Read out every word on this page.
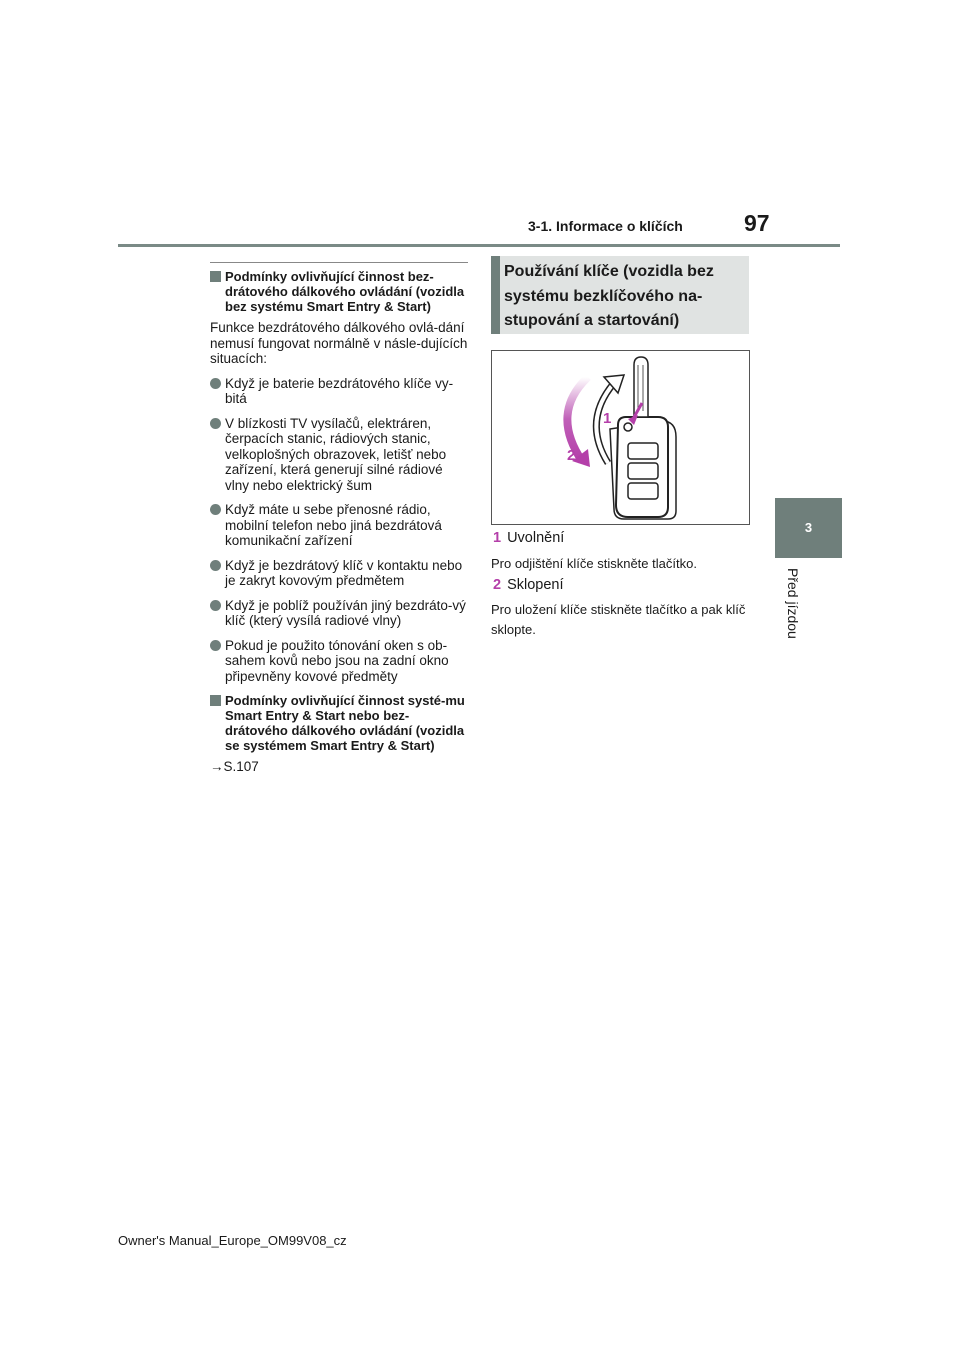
3-1. Informace o klíčích	97
3
Před jízdou
Podmínky ovlivňující činnost bez-drátového dálkového ovládání (vozidla bez systému Smart Entry & Start)
Funkce bezdrátového dálkového ovlá-dání nemusí fungovat normálně v násle-dujících situacích:
Když je baterie bezdrátového klíče vy-bitá
V blízkosti TV vysílačů, elektráren, čerpacích stanic, rádiových stanic, velkoplošných obrazovek, letišť nebo zařízení, která generují silné rádiové vlny nebo elektrický šum
Když máte u sebe přenosné rádio, mobilní telefon nebo jiná bezdrátová komunikační zařízení
Když je bezdrátový klíč v kontaktu nebo je zakryt kovovým předmětem
Když je poblíž používán jiný bezdráto-vý klíč (který vysílá radiové vlny)
Pokud je použito tónování oken s ob-sahem kovů nebo jsou na zadní okno připevněny kovové předměty
Podmínky ovlivňující činnost systé-mu Smart Entry & Start nebo bez-drátového dálkového ovládání (vozidla se systémem Smart Entry & Start)
→S.107
Používání klíče (vozidla bez systému bezklíčového na-stupování a startování)
1
2
1 Uvolnění
Pro odjištění klíče stiskněte tlačítko.
2 Sklopení
Pro uložení klíče stiskněte tlačítko a pak klíč sklopte.
Owner's Manual_Europe_OM99V08_cz
